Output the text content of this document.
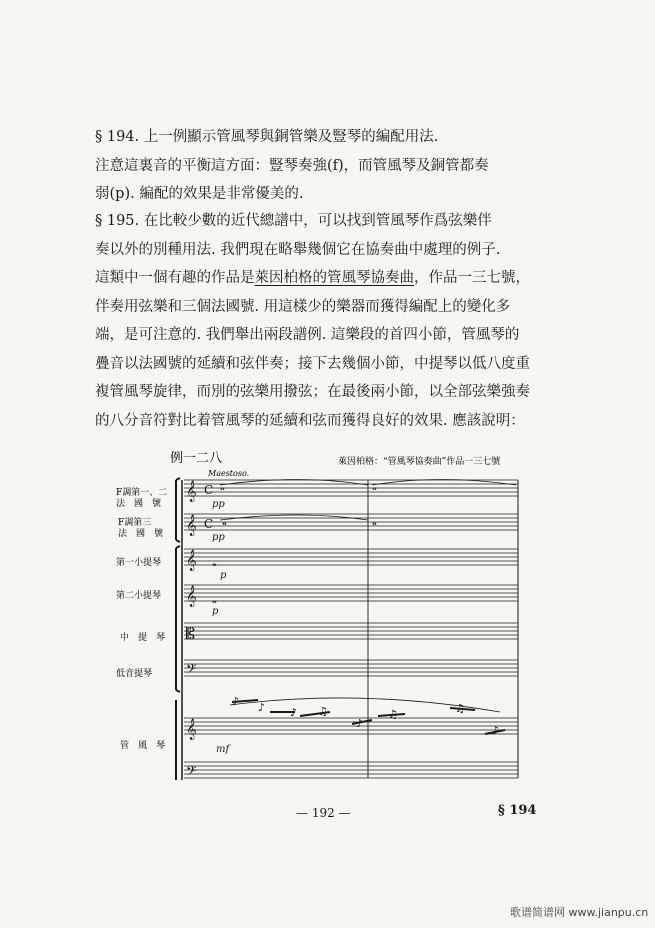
§ 194. 上一例顯示管風琴與銅管樂及豎琴的編配用法.
注意這裏音的平衡這方面：豎琴奏強(f)，而管風琴及銅管都奏
弱(p). 編配的效果是非常優美的.
§ 195. 在比較少數的近代總譜中，可以找到管風琴作爲弦樂伴
奏以外的別種用法. 我們現在略舉幾個它在協奏曲中處理的例子.
這類中一個有趣的作品是萊因柏格的管風琴協奏曲，作品一三七號，
伴奏用弦樂和三個法國號. 用這樣少的樂器而獲得編配上的變化多
端，是可注意的. 我們舉出兩段譜例. 這樂段的首四小節，管風琴的
疊音以法國號的延續和弦伴奏；接下去幾個小節，中提琴以低八度重
複管風琴旋律，而別的弦樂用撥弦；在最後兩小節，以全部弦樂強奏
的八分音符對比着管風琴的延續和弦而獲得良好的效果. 應該說明：
例一二八	萊因柏格：“管風琴協奏曲”作品一三七號
Maestoso.
F調第一、二
法　國　號
F調第三
法　國　號
第一小提琴
第二小提琴
中　提　琴
低音提琴
管　風　琴
𝄞 C
𝄞 C
𝄞
𝄞
𝄡
𝄢
𝄞
𝄢
𝅝	𝅝
𝅝	𝅝
𝅝
𝅝
♪ ♪ ♪ ♫
♪
♫	♫
♪
pp
pp
p
p
mf
— 192 —	§ 194
歌谱简谱网 www.jianpu.cn
